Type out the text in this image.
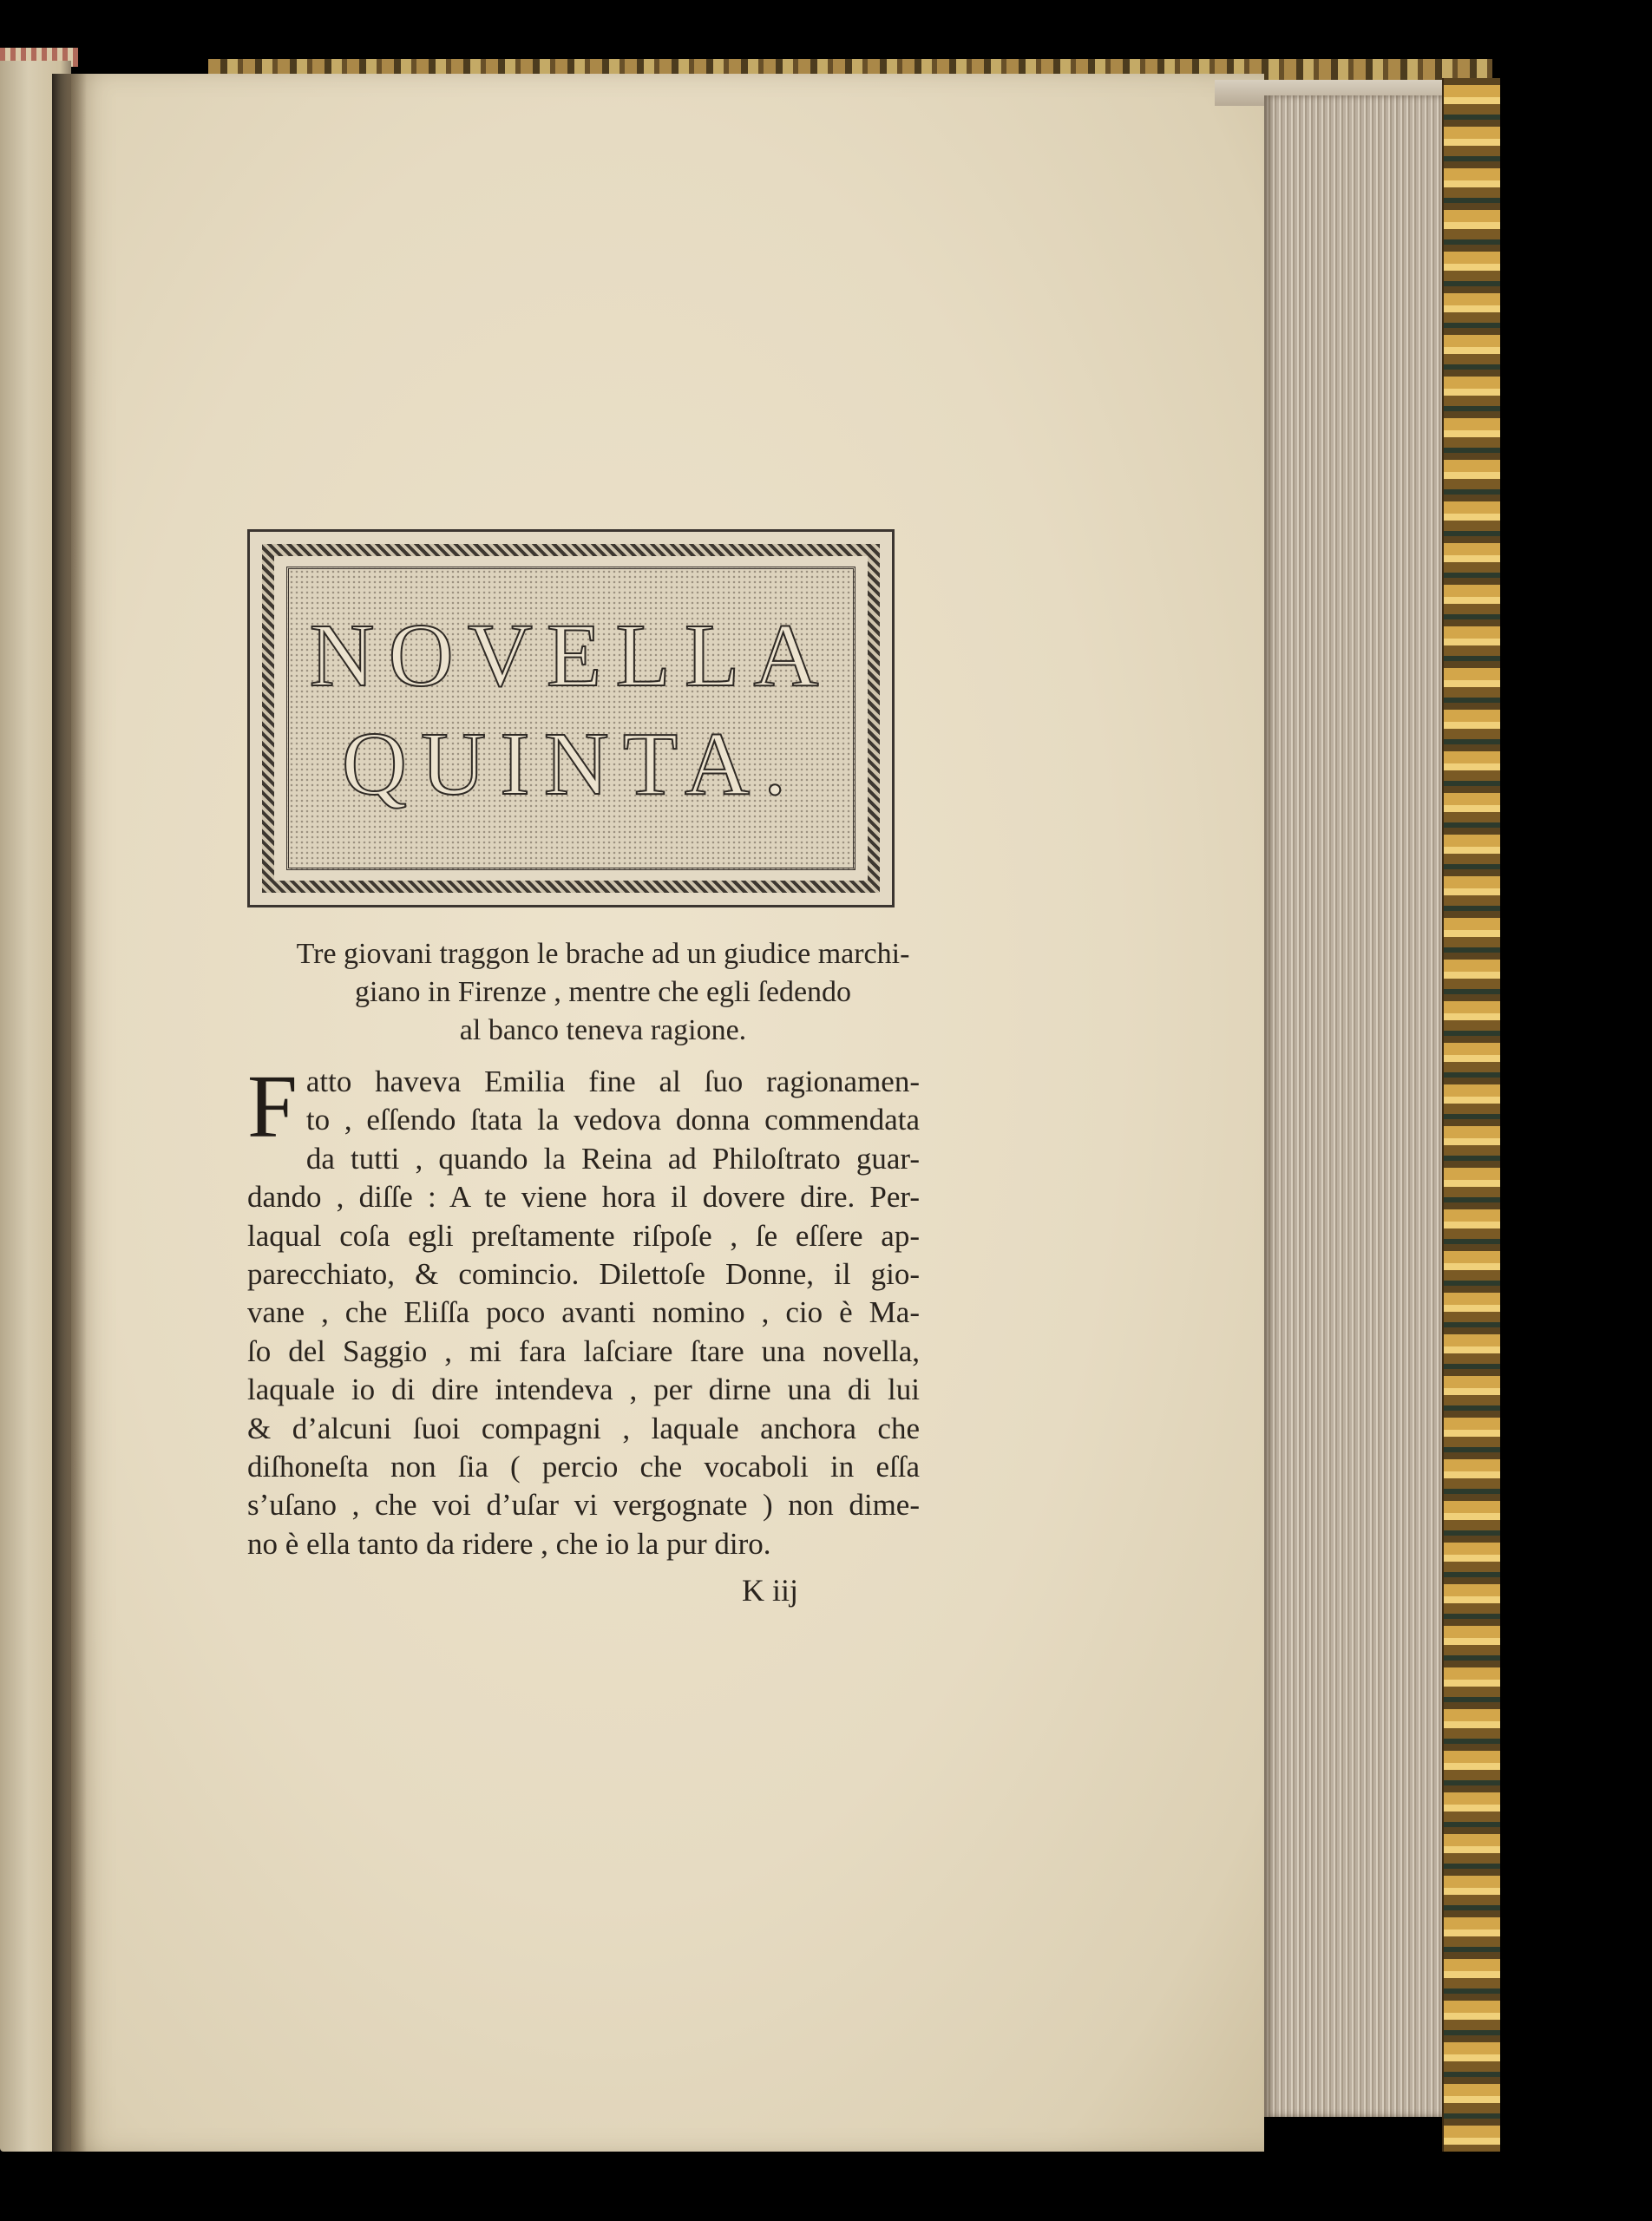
NOVELLA
QUINTA.
Tre giovani traggon le brache ad un giudice marchi-
giano in Firenze , mentre che egli ſedendo
al banco teneva ragione.
F atto haveva Emilia fine al ſuo ragionamen-
to , eſſendo ſtata la vedova donna commendata
da tutti , quando la Reina ad Philoſtrato guar-
dando , diſſe : A te viene hora il dovere dire. Per-
laqual coſa egli preſtamente riſpoſe , ſe eſſere ap-
parecchiato, & comincio. Dilettoſe Donne, il gio-
vane , che Eliſſa poco avanti nomino , cio è Ma-
ſo del Saggio , mi fara laſciare ſtare una novella,
laquale io di dire intendeva , per dirne una di lui
& d’alcuni ſuoi compagni , laquale anchora che
diſhoneſta non ſia ( percio che vocaboli in eſſa
s’uſano , che voi d’uſar vi vergognate ) non dime-
no è ella tanto da ridere , che io la pur diro.
K iij
